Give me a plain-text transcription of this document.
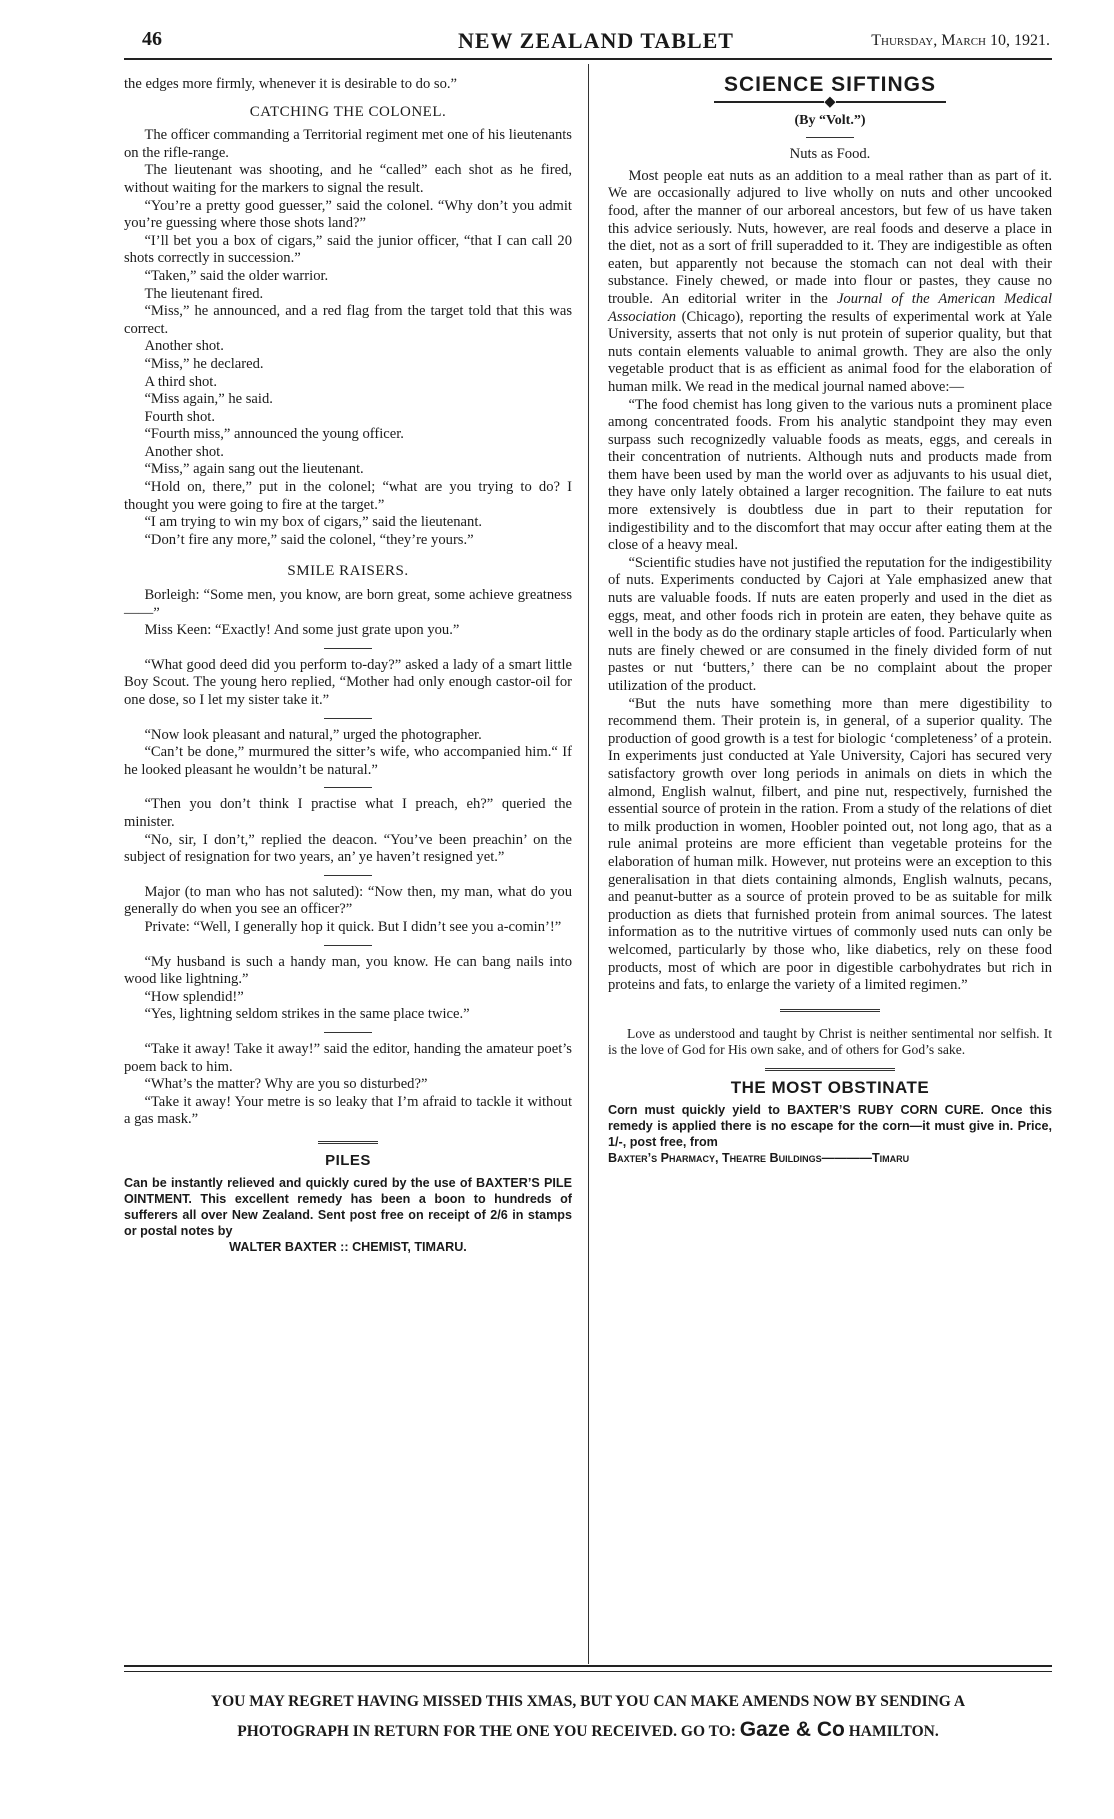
46	NEW ZEALAND TABLET	Thursday, March 10, 1921.

the edges more firmly, whenever it is desirable to do so.”

CATCHING THE COLONEL.

The officer commanding a Territorial regiment met one of his lieutenants on the rifle-range.

The lieutenant was shooting, and he “called” each shot as he fired, without waiting for the markers to signal the result.

“You’re a pretty good guesser,” said the colonel. “Why don’t you admit you’re guessing where those shots land?”

“I’ll bet you a box of cigars,” said the junior officer, “that I can call 20 shots correctly in succession.”

“Taken,” said the older warrior.

The lieutenant fired.

“Miss,” he announced, and a red flag from the target told that this was correct.

Another shot.

“Miss,” he declared.

A third shot.

“Miss again,” he said.

Fourth shot.

“Fourth miss,” announced the young officer.

Another shot.

“Miss,” again sang out the lieutenant.

“Hold on, there,” put in the colonel; “what are you trying to do? I thought you were going to fire at the target.”

“I am trying to win my box of cigars,” said the lieutenant.

“Don’t fire any more,” said the colonel, “they’re yours.”

SMILE RAISERS.

Borleigh: “Some men, you know, are born great, some achieve greatness——”

Miss Keen: “Exactly! And some just grate upon you.”

“What good deed did you perform to-day?” asked a lady of a smart little Boy Scout. The young hero replied, “Mother had only enough castor-oil for one dose, so I let my sister take it.”

“Now look pleasant and natural,” urged the photographer.

“Can’t be done,” murmured the sitter’s wife, who accompanied him.“ If he looked pleasant he wouldn’t be natural.”

“Then you don’t think I practise what I preach, eh?” queried the minister.

“No, sir, I don’t,” replied the deacon. “You’ve been preachin’ on the subject of resignation for two years, an’ ye haven’t resigned yet.”

Major (to man who has not saluted): “Now then, my man, what do you generally do when you see an officer?”

Private: “Well, I generally hop it quick. But I didn’t see you a-comin’!”

“My husband is such a handy man, you know. He can bang nails into wood like lightning.”

“How splendid!”

“Yes, lightning seldom strikes in the same place twice.”

“Take it away! Take it away!” said the editor, handing the amateur poet’s poem back to him.

“What’s the matter? Why are you so disturbed?”

“Take it away! Your metre is so leaky that I’m afraid to tackle it without a gas mask.”

PILES
Can be instantly relieved and quickly cured by the use of BAXTER’S PILE OINTMENT. This excellent remedy has been a boon to hundreds of sufferers all over New Zealand. Sent post free on receipt of 2/6 in stamps or postal notes by
WALTER BAXTER :: CHEMIST, TIMARU.
SCIENCE SIFTINGS
◆
(By “Volt.”)
Nuts as Food.

Most people eat nuts as an addition to a meal rather than as part of it. We are occasionally adjured to live wholly on nuts and other uncooked food, after the manner of our arboreal ancestors, but few of us have taken this advice seriously. Nuts, however, are real foods and deserve a place in the diet, not as a sort of frill superadded to it. They are indigestible as often eaten, but apparently not because the stomach can not deal with their substance. Finely chewed, or made into flour or pastes, they cause no trouble. An editorial writer in the Journal of the American Medical Association (Chicago), reporting the results of experimental work at Yale University, asserts that not only is nut protein of superior quality, but that nuts contain elements valuable to animal growth. They are also the only vegetable product that is as efficient as animal food for the elaboration of human milk. We read in the medical journal named above:—

“The food chemist has long given to the various nuts a prominent place among concentrated foods. From his analytic standpoint they may even surpass such recognizedly valuable foods as meats, eggs, and cereals in their concentration of nutrients. Although nuts and products made from them have been used by man the world over as adjuvants to his usual diet, they have only lately obtained a larger recognition. The failure to eat nuts more extensively is doubtless due in part to their reputation for indigestibility and to the discomfort that may occur after eating them at the close of a heavy meal.

“Scientific studies have not justified the reputation for the indigestibility of nuts. Experiments conducted by Cajori at Yale emphasized anew that nuts are valuable foods. If nuts are eaten properly and used in the diet as eggs, meat, and other foods rich in protein are eaten, they behave quite as well in the body as do the ordinary staple articles of food. Particularly when nuts are finely chewed or are consumed in the finely divided form of nut pastes or nut ‘butters,’ there can be no complaint about the proper utilization of the product.

“But the nuts have something more than mere digestibility to recommend them. Their protein is, in general, of a superior quality. The production of good growth is a test for biologic ‘completeness’ of a protein. In experiments just conducted at Yale University, Cajori has secured very satisfactory growth over long periods in animals on diets in which the almond, English walnut, filbert, and pine nut, respectively, furnished the essential source of protein in the ration. From a study of the relations of diet to milk production in women, Hoobler pointed out, not long ago, that as a rule animal proteins are more efficient than vegetable proteins for the elaboration of human milk. However, nut proteins were an exception to this generalisation in that diets containing almonds, English walnuts, pecans, and peanut-butter as a source of protein proved to be as suitable for milk production as diets that furnished protein from animal sources. The latest information as to the nutritive virtues of commonly used nuts can only be welcomed, particularly by those who, like diabetics, rely on these food products, most of which are poor in digestible carbohydrates but rich in proteins and fats, to enlarge the variety of a limited regimen.”

Love as understood and taught by Christ is neither sentimental nor selfish. It is the love of God for His own sake, and of others for God’s sake.

THE MOST OBSTINATE
Corn must quickly yield to BAXTER’S RUBY CORN CURE. Once this remedy is applied there is no escape for the corn—it must give in. Price, 1/-, post free, from
Baxter’s Pharmacy, Theatre Buildings————Timaru
YOU MAY REGRET HAVING MISSED THIS XMAS, BUT YOU CAN MAKE AMENDS NOW BY SENDING A
PHOTOGRAPH IN RETURN FOR THE ONE YOU RECEIVED. GO TO: Gaze & Co HAMILTON.
